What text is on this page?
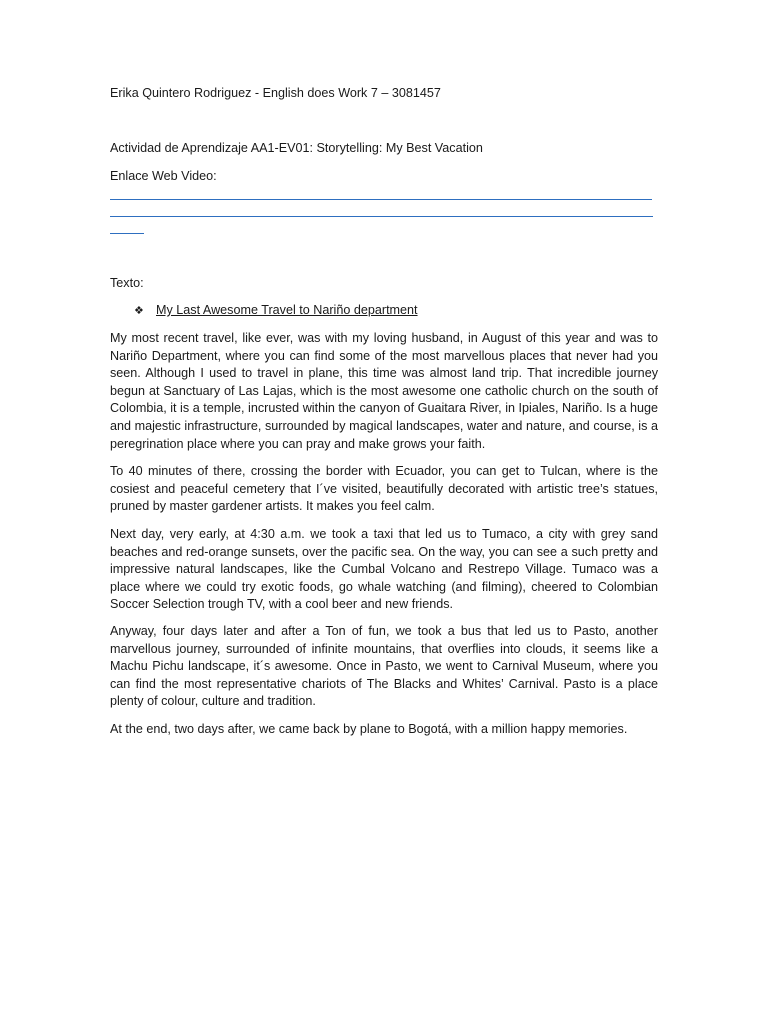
Erika Quintero Rodriguez - English does Work 7 – 3081457

Actividad de Aprendizaje AA1-EV01: Storytelling: My Best Vacation

Enlace Web Video:

Texto:

❖ My Last Awesome Travel to Nariño department

My most recent travel, like ever, was with my loving husband, in August of this year and was to Nariño Department, where you can find some of the most marvellous places that never had you seen. Although I used to travel in plane, this time was almost land trip. That incredible journey begun at Sanctuary of Las Lajas, which is the most awesome one catholic church on the south of Colombia, it is a temple, incrusted within the canyon of Guaitara River, in Ipiales, Nariño. Is a huge and majestic infrastructure, surrounded by magical landscapes, water and nature, and course, is a peregrination place where you can pray and make grows your faith.

To 40 minutes of there, crossing the border with Ecuador, you can get to Tulcan, where is the cosiest and peaceful cemetery that I´ve visited, beautifully decorated with artistic tree’s statues, pruned by master gardener artists. It makes you feel calm.

Next day, very early, at 4:30 a.m. we took a taxi that led us to Tumaco, a city with grey sand beaches and red-orange sunsets, over the pacific sea. On the way, you can see a such pretty and impressive natural landscapes, like the Cumbal Volcano and Restrepo Village. Tumaco was a place where we could try exotic foods, go whale watching (and filming), cheered to Colombian Soccer Selection trough TV, with a cool beer and new friends.

Anyway, four days later and after a Ton of fun, we took a bus that led us to Pasto, another marvellous journey, surrounded of infinite mountains, that overflies into clouds, it seems like a Machu Pichu landscape, it´s awesome. Once in Pasto, we went to Carnival Museum, where you can find the most representative chariots of The Blacks and Whites’ Carnival. Pasto is a place plenty of colour, culture and tradition.

At the end, two days after, we came back by plane to Bogotá, with a million happy memories.
